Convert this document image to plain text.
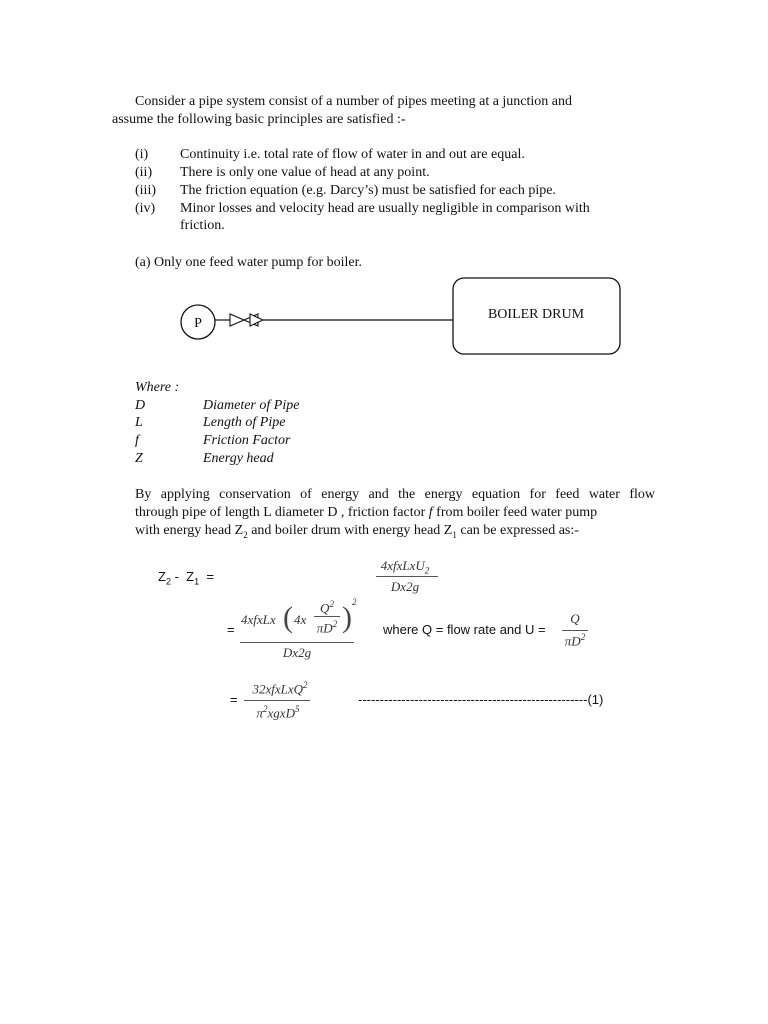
Consider a pipe system consist of a number of pipes meeting at a junction and
assume the following basic principles are satisfied :-
(i) Continuity i.e. total rate of flow of water in and out are equal.
(ii) There is only one value of head at any point.
(iii) The friction equation (e.g. Darcy’s) must be satisfied for each pipe.
(iv) Minor losses and velocity head are usually negligible in comparison with
friction.
(a) Only one feed water pump for boiler.
P
BOILER DRUM
Where :
D	Diameter of Pipe
L	Length of Pipe
f	Friction Factor
Z	Energy head
By applying conservation of energy and the energy equation for feed water flow
through pipe of length L diameter D , friction factor f from boiler feed water pump
with energy head $Z_2$ and boiler drum with energy head $Z_1$ can be expressed as:-
$Z_2 - Z_1$  =
4xfxLxU$_2$
Dx2g
=
4xfxLx ( 4x
$Q^2$
$\pi D^2$ ) 2
Dx2g
where Q = flow rate and U =
Q
$\pi D^2$
=
32xfxLxQ$^2$
$\pi^2xgxD^5$
-----------------------------------------------------(1)
